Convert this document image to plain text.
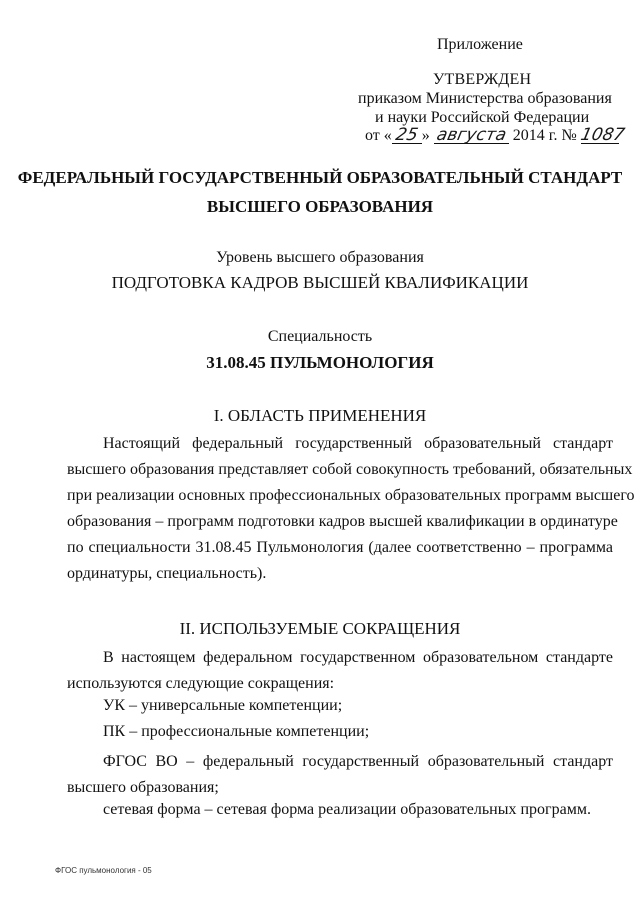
Приложение
УТВЕРЖДЕН
приказом Министерства образования
и науки Российской Федерации
от « 25 » августа 2014 г. № 1087
ФЕДЕРАЛЬНЫЙ ГОСУДАРСТВЕННЫЙ ОБРАЗОВАТЕЛЬНЫЙ СТАНДАРТ
ВЫСШЕГО ОБРАЗОВАНИЯ
Уровень высшего образования
ПОДГОТОВКА КАДРОВ ВЫСШЕЙ КВАЛИФИКАЦИИ
Специальность
31.08.45 ПУЛЬМОНОЛОГИЯ
I. ОБЛАСТЬ ПРИМЕНЕНИЯ
Настоящий федеральный государственный образовательный стандарт
высшего образования представляет собой совокупность требований, обязательных
при реализации основных профессиональных образовательных программ высшего
образования – программ подготовки кадров высшей квалификации в ординатуре
по специальности 31.08.45 Пульмонология (далее соответственно – программа
ординатуры, специальность).
II. ИСПОЛЬЗУЕМЫЕ СОКРАЩЕНИЯ
В настоящем федеральном государственном образовательном стандарте
используются следующие сокращения:
УК – универсальные компетенции;
ПК – профессиональные компетенции;
ФГОС ВО – федеральный государственный образовательный стандарт
высшего образования;
сетевая форма – сетевая форма реализации образовательных программ.
ФГОС пульмонология - 05
